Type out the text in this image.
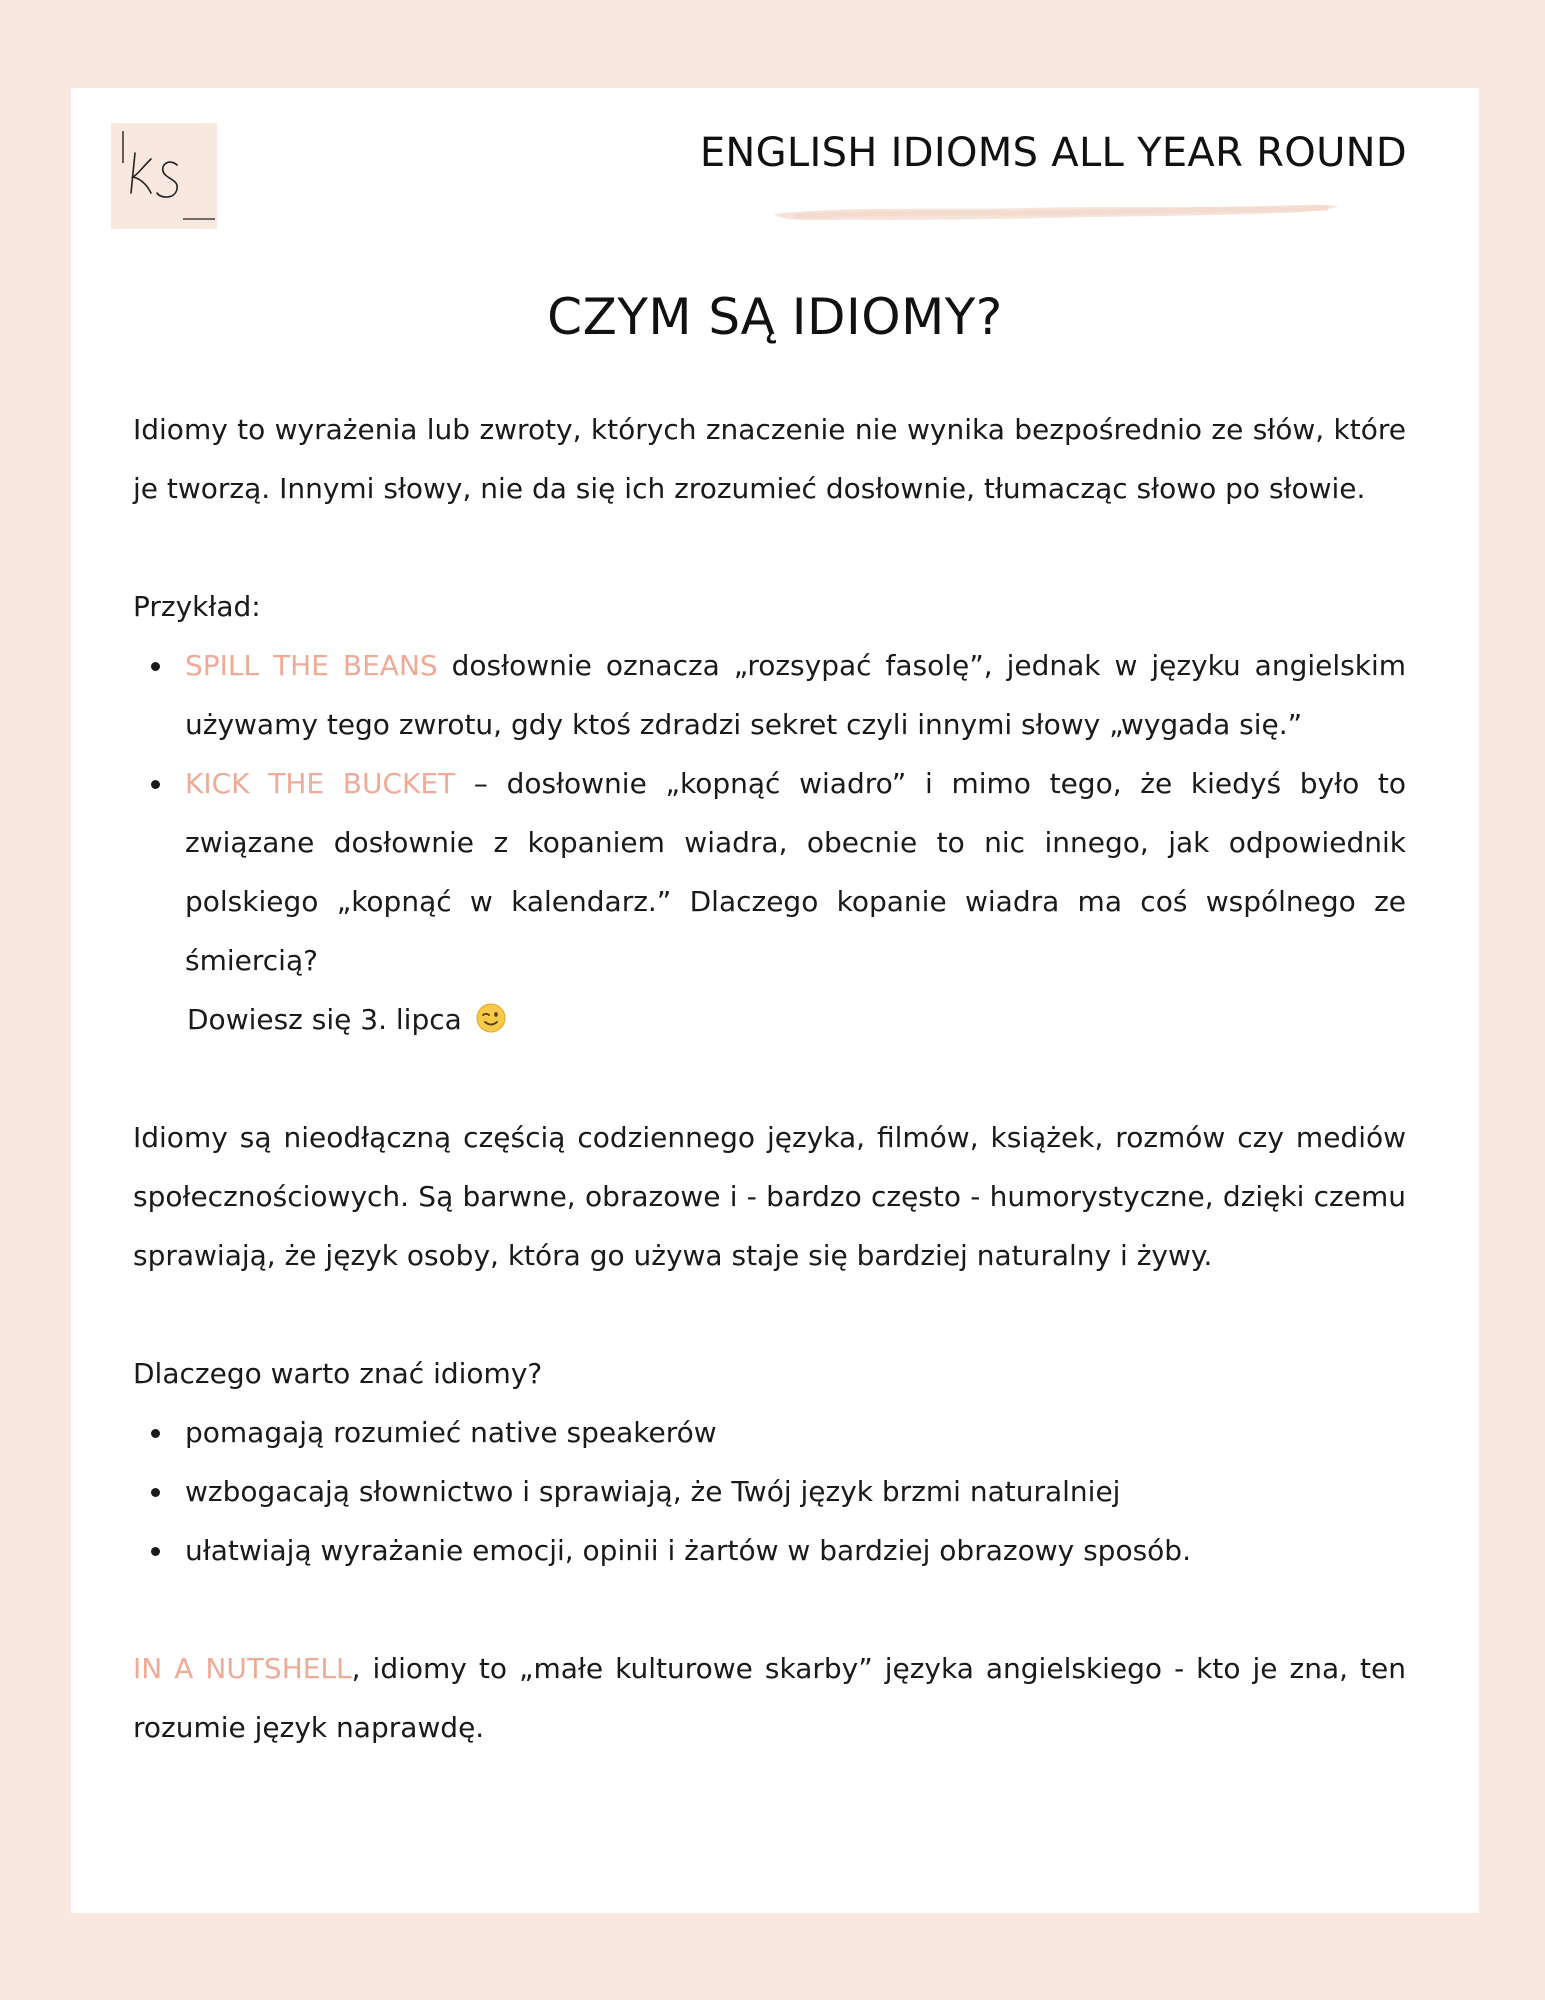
ENGLISH IDIOMS ALL YEAR ROUND
CZYM SĄ IDIOMY?

Idiomy to wyrażenia lub zwroty, których znaczenie nie wynika bezpośrednio ze słów, które je tworzą. Innymi słowy, nie da się ich zrozumieć dosłownie, tłumacząc słowo po słowie.

Przykład:

SPILL THE BEANS dosłownie oznacza „rozsypać fasolę”, jednak w języku angielskim używamy tego zwrotu, gdy ktoś zdradzi sekret czyli innymi słowy „wygada się.”
KICK THE BUCKET – dosłownie „kopnąć wiadro” i mimo tego, że kiedyś było to związane dosłownie z kopaniem wiadra, obecnie to nic innego, jak odpowiednik polskiego „kopnąć w kalendarz.” Dlaczego kopanie wiadra ma coś wspólnego ze śmiercią?
Dowiesz się 3. lipca

Idiomy są nieodłączną częścią codziennego języka, filmów, książek, rozmów czy mediów społecznościowych. Są barwne, obrazowe i - bardzo często - humorystyczne, dzięki czemu sprawiają, że język osoby, która go używa staje się bardziej naturalny i żywy.

Dlaczego warto znać idiomy?

pomagają rozumieć native speakerów
wzbogacają słownictwo i sprawiają, że Twój język brzmi naturalniej
ułatwiają wyrażanie emocji, opinii i żartów w bardziej obrazowy sposób.

IN A NUTSHELL, idiomy to „małe kulturowe skarby” języka angielskiego - kto je zna, ten rozumie język naprawdę.
